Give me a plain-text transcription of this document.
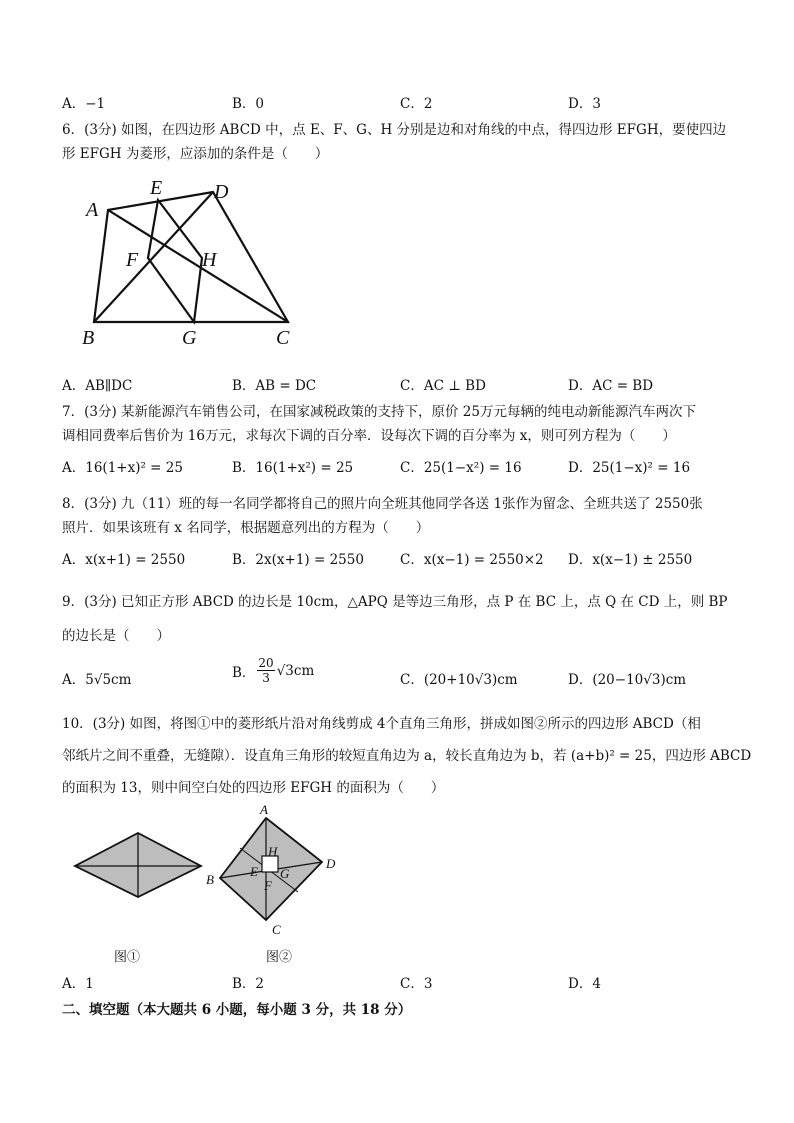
A．−1	B．0	C．2	D．3
6．(3分) 如图，在四边形 ABCD 中，点 E、F、G、H 分别是边和对角线的中点，得四边形 EFGH，要使四边
形 EFGH 为菱形，应添加的条件是（　　）
A
E	D
F	H
B	G	C
A．AB∥DC	B．AB = DC	C．AC ⊥ BD	D．AC = BD
7．(3分) 某新能源汽车销售公司，在国家减税政策的支持下，原价 25万元每辆的纯电动新能源汽车两次下
调相同费率后售价为 16万元，求每次下调的百分率．设每次下调的百分率为 x，则可列方程为（　　）
A．16(1+x)² = 25	B．16(1+x²) = 25	C．25(1−x²) = 16	D．25(1−x)² = 16
8．(3分) 九（11）班的每一名同学都将自己的照片向全班其他同学各送 1张作为留念、全班共送了 2550张
照片．如果该班有 x 名同学，根据题意列出的方程为（　　）
A．x(x+1) = 2550	B．2x(x+1) = 2550	C．x(x−1) = 2550×2 D．x(x−1) ± 2550
9．(3分) 已知正方形 ABCD 的边长是 10cm，△APQ 是等边三角形，点 P 在 BC 上，点 Q 在 CD 上，则 BP
的边长是（　　）
A．5√5cm	B． $\frac{20}{3} √3cm$
C．(20+10√3)cm	D．(20−10√3)cm
10．(3分) 如图，将图①中的菱形纸片沿对角线剪成 4个直角三角形，拼成如图②所示的四边形 ABCD（相
邻纸片之间不重叠，无缝隙）．设直角三角形的较短直角边为 a，较长直角边为 b，若 (a+b)² = 25，四边形 ABCD
的面积为 13，则中间空白处的四边形 EFGH 的面积为（　　）
图①
A
B
C
D
E
F
G
H
图②
A．1	B．2	C．3	D．4
二、填空题（本大题共 6 小题，每小题 3 分，共 18 分）
